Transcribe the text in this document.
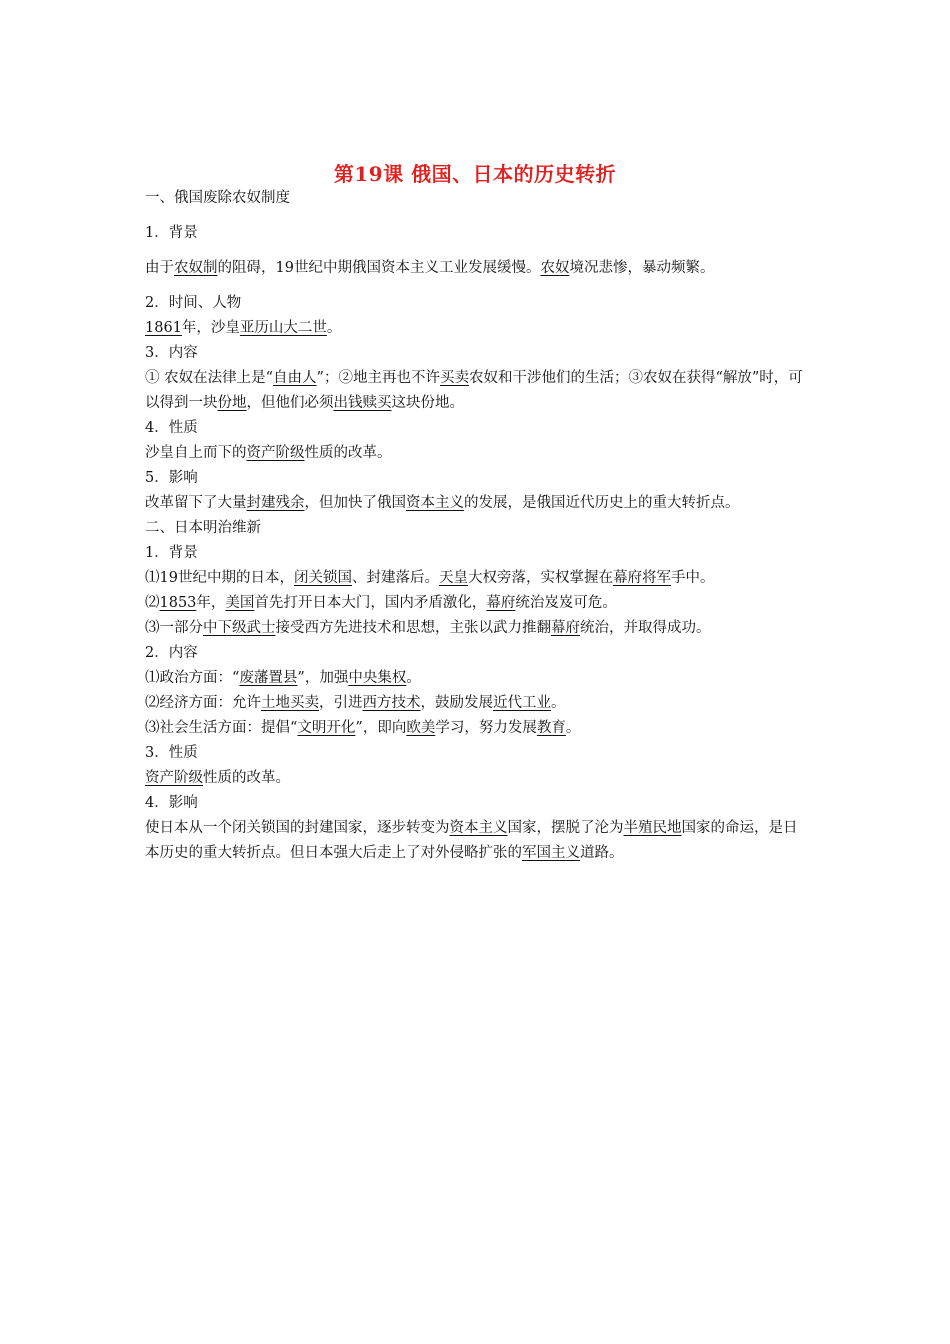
第19课 俄国、日本的历史转折
一、俄国废除农奴制度
1．背景
由于农奴制的阻碍，19世纪中期俄国资本主义工业发展缓慢。农奴境况悲惨，暴动频繁。
2．时间、人物
1861年，沙皇亚历山大二世。
3．内容
① 农奴在法律上是“自由人”；②地主再也不许买卖农奴和干涉他们的生活；③农奴在获得“解放”时，可以得到一块份地，但他们必须出钱赎买这块份地。
4．性质
沙皇自上而下的资产阶级性质的改革。
5．影响
改革留下了大量封建残余，但加快了俄国资本主义的发展，是俄国近代历史上的重大转折点。
二、日本明治维新
1．背景
⑴19世纪中期的日本，闭关锁国、封建落后。天皇大权旁落，实权掌握在幕府将军手中。
⑵1853年，美国首先打开日本大门，国内矛盾激化，幕府统治岌岌可危。
⑶一部分中下级武士接受西方先进技术和思想，主张以武力推翻幕府统治，并取得成功。
2．内容
⑴政治方面：“废藩置县”，加强中央集权。
⑵经济方面：允许土地买卖，引进西方技术，鼓励发展近代工业。
⑶社会生活方面：提倡“文明开化”，即向欧美学习，努力发展教育。
3．性质
资产阶级性质的改革。
4．影响
使日本从一个闭关锁国的封建国家，逐步转变为资本主义国家，摆脱了沦为半殖民地国家的命运，是日本历史的重大转折点。但日本强大后走上了对外侵略扩张的军国主义道路。
